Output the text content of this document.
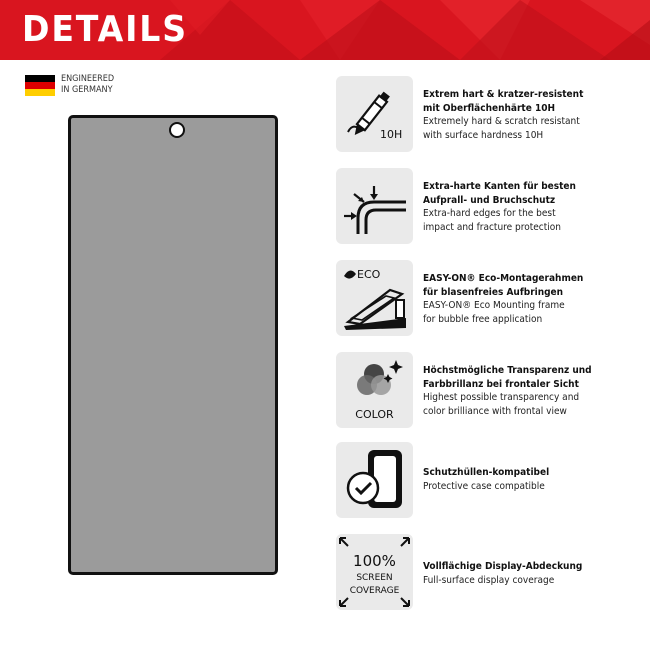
DETAILS
ENGINEERED
IN GERMANY
10H
Extrem hart & kratzer-resistent
mit Oberflächenhärte 10H
Extremely hard & scratch resistant
with surface hardness 10H
Extra-harte Kanten für besten
Aufprall- und Bruchschutz
Extra-hard edges for the best
impact and fracture protection
ECO	EASY-ON® Eco-Montagerahmen
für blasenfreies Aufbringen
EASY-ON® Eco Mounting frame
for bubble free application
COLOR
Höchstmögliche Transparenz und
Farbbrillanz bei frontaler Sicht
Highest possible transparency and
color brilliance with frontal view
Schutzhüllen-kompatibel
Protective case compatible
100%
SCREEN
COVERAGE
Vollflächige Display-Abdeckung
Full-surface display coverage
